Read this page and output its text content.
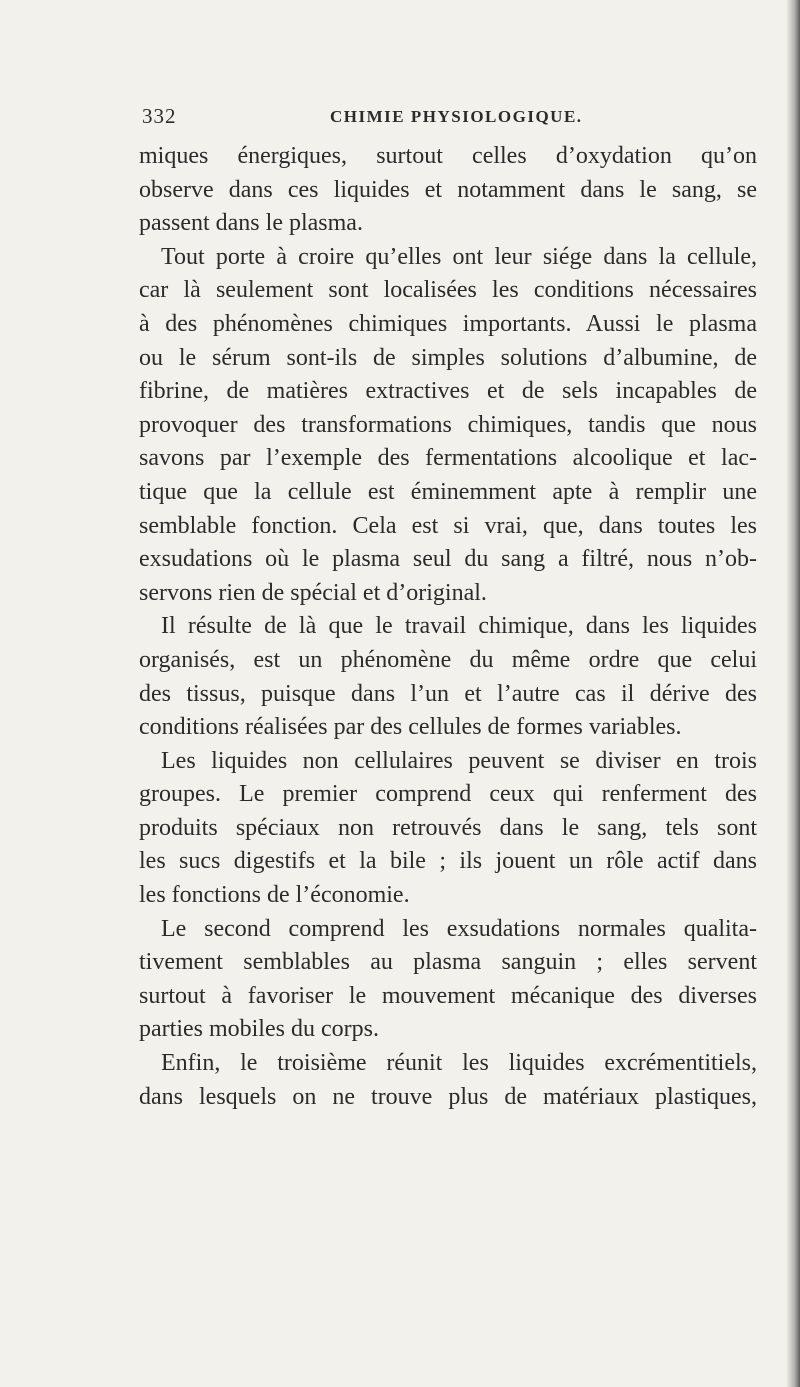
332	CHIMIE PHYSIOLOGIQUE.
miques énergiques, surtout celles d’oxydation qu’on
observe dans ces liquides et notamment dans le sang, se
passent dans le plasma.
Tout porte à croire qu’elles ont leur siége dans la cellule,
car là seulement sont localisées les conditions nécessaires
à des phénomènes chimiques importants. Aussi le plasma
ou le sérum sont-ils de simples solutions d’albumine, de
fibrine, de matières extractives et de sels incapables de
provoquer des transformations chimiques, tandis que nous
savons par l’exemple des fermentations alcoolique et lac-
tique que la cellule est éminemment apte à remplir une
semblable fonction. Cela est si vrai, que, dans toutes les
exsudations où le plasma seul du sang a filtré, nous n’ob-
servons rien de spécial et d’original.
Il résulte de là que le travail chimique, dans les liquides
organisés, est un phénomène du même ordre que celui
des tissus, puisque dans l’un et l’autre cas il dérive des
conditions réalisées par des cellules de formes variables.
Les liquides non cellulaires peuvent se diviser en trois
groupes. Le premier comprend ceux qui renferment des
produits spéciaux non retrouvés dans le sang, tels sont
les sucs digestifs et la bile ; ils jouent un rôle actif dans
les fonctions de l’économie.
Le second comprend les exsudations normales qualita-
tivement semblables au plasma sanguin ; elles servent
surtout à favoriser le mouvement mécanique des diverses
parties mobiles du corps.
Enfin, le troisième réunit les liquides excrémentitiels,
dans lesquels on ne trouve plus de matériaux plastiques,
